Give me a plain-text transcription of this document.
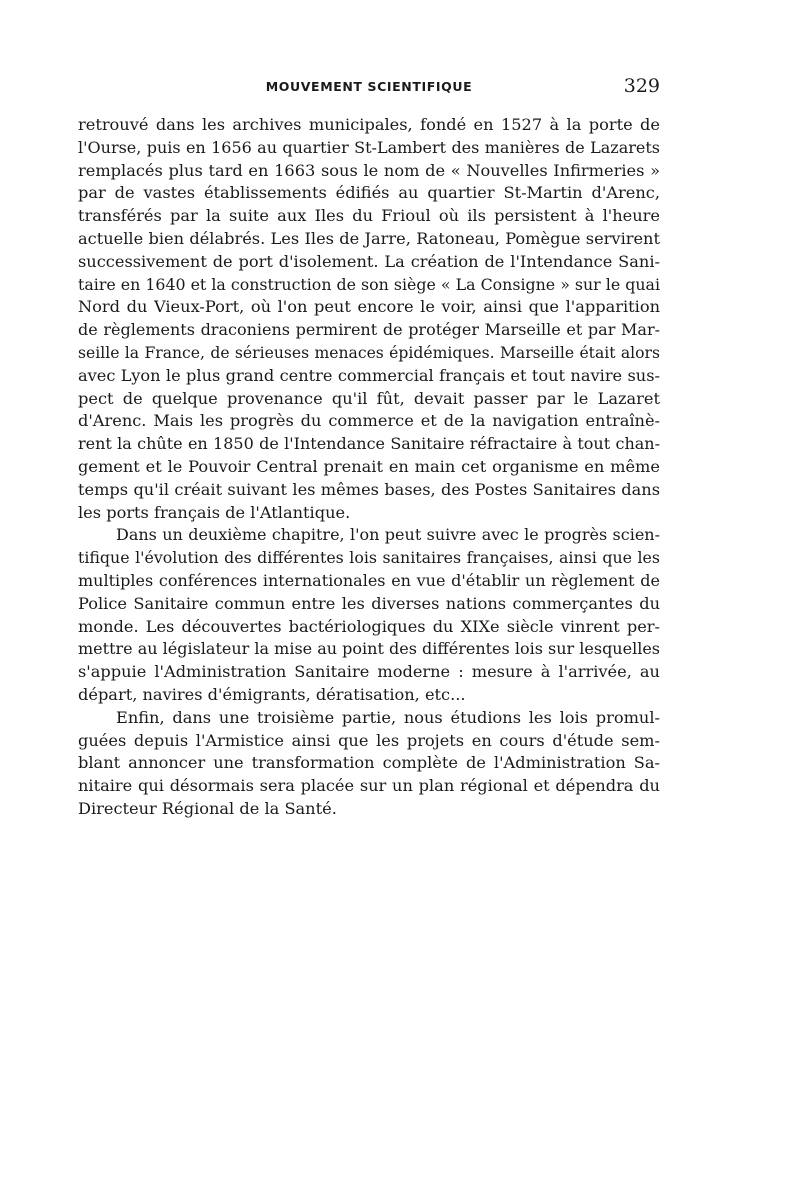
MOUVEMENT SCIENTIFIQUE	329
retrouvé dans les archives municipales, fondé en 1527 à la porte de
l'Ourse, puis en 1656 au quartier St-Lambert des manières de Lazarets
remplacés plus tard en 1663 sous le nom de « Nouvelles Infirmeries »
par de vastes établissements édifiés au quartier St-Martin d'Arenc,
transférés par la suite aux Iles du Frioul où ils persistent à l'heure
actuelle bien délabrés. Les Iles de Jarre, Ratoneau, Pomègue servirent
successivement de port d'isolement. La création de l'Intendance Sani-
taire en 1640 et la construction de son siège « La Consigne » sur le quai
Nord du Vieux-Port, où l'on peut encore le voir, ainsi que l'apparition
de règlements draconiens permirent de protéger Marseille et par Mar-
seille la France, de sérieuses menaces épidémiques. Marseille était alors
avec Lyon le plus grand centre commercial français et tout navire sus-
pect de quelque provenance qu'il fût, devait passer par le Lazaret
d'Arenc. Mais les progrès du commerce et de la navigation entraînè-
rent la chûte en 1850 de l'Intendance Sanitaire réfractaire à tout chan-
gement et le Pouvoir Central prenait en main cet organisme en même
temps qu'il créait suivant les mêmes bases, des Postes Sanitaires dans
les ports français de l'Atlantique.
Dans un deuxième chapitre, l'on peut suivre avec le progrès scien-
tifique l'évolution des différentes lois sanitaires françaises, ainsi que les
multiples conférences internationales en vue d'établir un règlement de
Police Sanitaire commun entre les diverses nations commerçantes du
monde. Les découvertes bactériologiques du XIXe siècle vinrent per-
mettre au législateur la mise au point des différentes lois sur lesquelles
s'appuie l'Administration Sanitaire moderne : mesure à l'arrivée, au
départ, navires d'émigrants, dératisation, etc...
Enfin, dans une troisième partie, nous étudions les lois promul-
guées depuis l'Armistice ainsi que les projets en cours d'étude sem-
blant annoncer une transformation complète de l'Administration Sa-
nitaire qui désormais sera placée sur un plan régional et dépendra du
Directeur Régional de la Santé.
